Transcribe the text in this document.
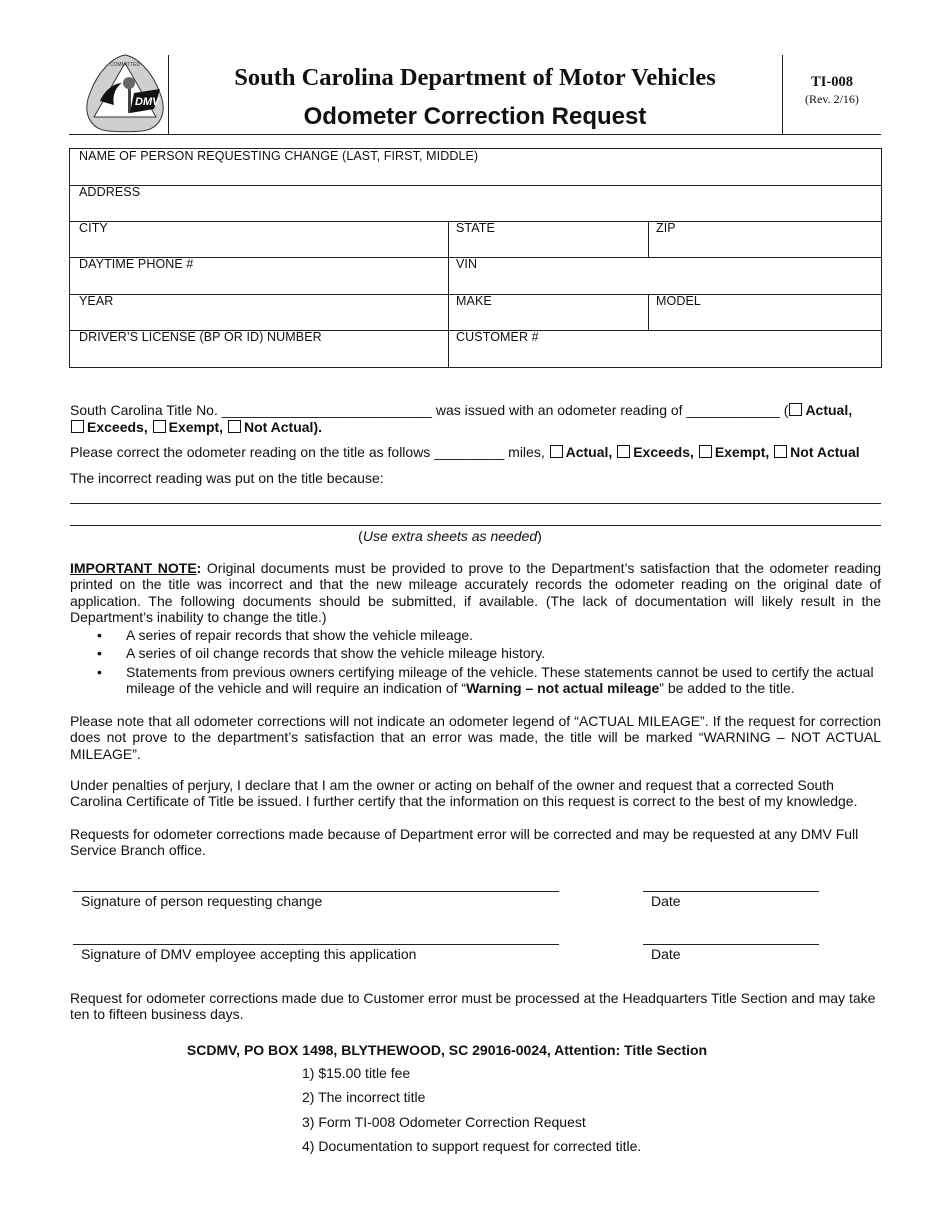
DMV
COMMITTED	South Carolina Department of Motor Vehicles
Odometer Correction Request
TI-008
(Rev. 2/16)
NAME OF PERSON REQUESTING CHANGE (LAST, FIRST, MIDDLE)
ADDRESS
CITY	STATE	ZIP
DAYTIME PHONE #	VIN
YEAR	MAKE	MODEL
DRIVER’S LICENSE (BP OR ID) NUMBER	CUSTOMER #
South Carolina Title No. ___________________________ was issued with an odometer reading of ____________ ( Actual,
Exceeds, Exempt, Not Actual).
Please correct the odometer reading on the title as follows _________ miles, Actual, Exceeds, Exempt, Not Actual
The incorrect reading was put on the title because:
(Use extra sheets as needed)
IMPORTANT NOTE: Original documents must be provided to prove to the Department’s satisfaction that the odometer reading printed on the title was incorrect and that the new mileage accurately records the odometer reading on the original date of application. The following documents should be submitted, if available. (The lack of documentation will likely result in the Department’s inability to change the title.)
• A series of repair records that show the vehicle mileage.
• A series of oil change records that show the vehicle mileage history.
• Statements from previous owners certifying mileage of the vehicle. These statements cannot be used to certify the actual mileage of the vehicle and will require an indication of “Warning – not actual mileage” be added to the title.
Please note that all odometer corrections will not indicate an odometer legend of “ACTUAL MILEAGE”. If the request for correction does not prove to the department’s satisfaction that an error was made, the title will be marked “WARNING – NOT ACTUAL MILEAGE”.
Under penalties of perjury, I declare that I am the owner or acting on behalf of the owner and request that a corrected South Carolina Certificate of Title be issued. I further certify that the information on this request is correct to the best of my knowledge.
Requests for odometer corrections made because of Department error will be corrected and may be requested at any DMV Full Service Branch office.
Signature of person requesting change	Date
Signature of DMV employee accepting this application	Date
Request for odometer corrections made due to Customer error must be processed at the Headquarters Title Section and may take ten to fifteen business days.
SCDMV, PO BOX 1498, BLYTHEWOOD, SC 29016-0024, Attention: Title Section
1) $15.00 title fee
2) The incorrect title
3) Form TI-008 Odometer Correction Request
4) Documentation to support request for corrected title.
